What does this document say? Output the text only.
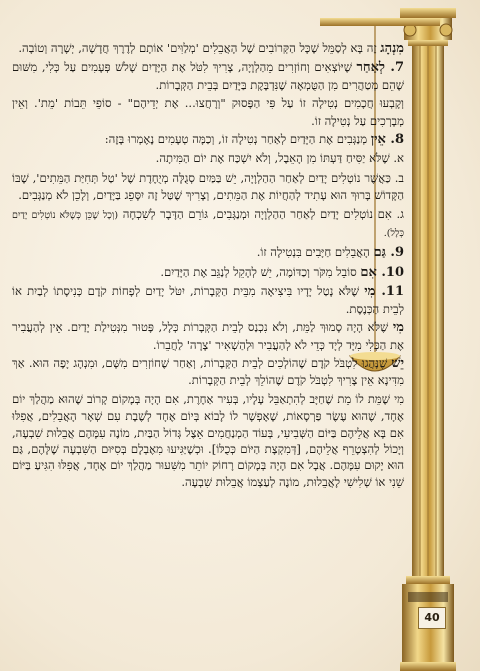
מִנְהָג זֶה בָּא לְסַמֵּל שֶׁכָּל הַקְּרוֹבִים שֶׁל הָאֲבֵלִים 'מְלַוִּים' אוֹתָם לְדֶרֶךְ חֲדָשָׁה, יְשָׁרָה וְטוֹבָה.

7. לְאַחַר שֶׁיּוֹצְאִים וְחוֹזְרִים מֵהַלְוָיָה, צָרִיךְ לִטֹּל אֶת הַיָּדַיִם שָׁלֹשׁ פְּעָמִים עַל כְּלִי, מִשּׁוּם שֶׁהֵם מְטַהֲרִים מִן הַטֻּמְאָה שֶׁנִּדְבֶּקֶת בַּיָּדַיִם בְּבֵית הַקְּבָרוֹת.

וְקָבְעוּ חֲכָמִים נְטִילָה זוֹ עַל פִּי הַפָּסוּק "וְרָחֲצוּ... אֶת יְדֵיהֶם" - סוֹפֵי תֵּבוֹת 'מֵת'. וְאֵין מְבָרְכִים עַל נְטִילָה זוֹ.

8. אֵין מְנַגְּבִים אֶת הַיָּדַיִם לְאַחַר נְטִילָה זוֹ, וְכַמָּה טְעָמִים נֶאֶמְרוּ בָּזֶה:

א. שֶׁלֹּא יַסִּיחַ דַּעְתּוֹ מִן הָאֵבֶל, וְלֹא יִשְׁכַּח אֶת יוֹם הַמִּיתָה.

ב. כַּאֲשֶׁר נוֹטְלִים יָדַיִם לְאַחַר הַהַלְוָיָה, יֵשׁ בַּמַּיִם סְגֻלָּה מְיֻחֶדֶת שֶׁל 'טַל תְּחִיַּת הַמֵּתִים', שֶׁבּוֹ הַקָּדוֹשׁ בָּרוּךְ הוּא עָתִיד לְהַחֲיוֹת אֶת הַמֵּתִים, וְצָרִיךְ שֶׁטַּל זֶה יִסָּפֵג בַּיָּדַיִם, וְלָכֵן לֹא מְנַגְּבִים.

ג. אִם נוֹטְלִים יָדַיִם לְאַחַר הַהַלְוָיָה וּמְנַגְּבִים, גּוֹרֵם הַדָּבָר לְשִׁכְחָה (וְכָל שֶׁכֵּן כְּשֶׁלֹּא נוֹטְלִים יָדַיִם כְּלָל).

9. גַּם הָאֲבֵלִים חַיָּבִים בִּנְטִילָה זוֹ.

10. אִם סוֹבֵל מִקֹּר וְכַדּוֹמֶה, יֵשׁ לְהָקֵל לְנַגֵּב אֶת הַיָּדַיִם.

11. מִי שֶׁלֹּא נָטַל יָדָיו בִּיצִיאָה מִבֵּית הַקְּבָרוֹת, יִטֹּל יָדַיִם לְפָחוֹת קֹדֶם כְּנִיסָתוֹ לְבַיִת אוֹ לְבֵית הַכְּנֶסֶת.

מִי שֶׁלֹּא הָיָה סָמוּךְ לַמֵּת, וְלֹא נִכְנַס לְבֵית הַקְּבָרוֹת כְּלָל, פָּטוּר מִנְּטִילַת יָדַיִם. אֵין לְהַעֲבִיר אֶת הַכְּלִי מִיָּד לְיָד כְּדֵי לֹא לְהַעֲבִיר וּלְהַשְׁאִיר 'צָרָה' לַחֲבֵרוֹ.

יֵשׁ שֶׁנָּהֲגוּ לִטְבֹּל קֹדֶם שֶׁהוֹלְכִים לְבֵית הַקְּבָרוֹת, וְאַחַר שֶׁחוֹזְרִים מִשָּׁם, וּמִנְהָג יָפֶה הוּא. אַךְ מִדִּינָא אֵין צָרִיךְ לִטְבֹּל קֹדֶם שֶׁהוֹלֵךְ לְבֵית הַקְּבָרוֹת.

מִי שֶׁמֵּת לוֹ מֵת שֶׁחַיָּב לְהִתְאַבֵּל עָלָיו, בְּעִיר אַחֶרֶת, אִם הָיָה בְּמָקוֹם קָרוֹב שֶׁהוּא מַהֲלַךְ יוֹם אֶחָד, שֶׁהוּא עֶשֶׂר פַּרְסָאוֹת, שֶׁאֶפְשָׁר לוֹ לָבוֹא בְּיוֹם אֶחָד לְשֶׁבֶת עִם שְׁאָר הָאֲבֵלִים, אֲפִלּוּ אִם בָּא אֲלֵיהֶם בַּיּוֹם הַשְּׁבִיעִי, בְּעוֹד הַמְנַחֲמִים אֵצֶל גְּדוֹל הַבַּיִת, מוֹנֶה עִמָּהֶם אֲבֵלוּת שִׁבְעָה, וְיָכוֹל לְהִצְטָרֵף אֲלֵיהֶם, [דְּמִקְצָת הַיּוֹם כְּכֻלּוֹ]. וּכְשֶׁיַּגִּיעוּ מִאֶבְלָם בְּסִיּוּם הַשִּׁבְעָה שֶׁלָּהֶם, גַּם הוּא יָקוּם עִמָּהֶם. אֲבָל אִם הָיָה בְּמָקוֹם רָחוֹק יוֹתֵר מִשִּׁעוּר מַהֲלַךְ יוֹם אֶחָד, אֲפִלּוּ הִגִּיעַ בַּיּוֹם שֵׁנִי אוֹ שְׁלִישִׁי לָאֲבֵלוּת, מוֹנֶה לְעַצְמוֹ אֲבֵלוּת שִׁבְעָה.

40
